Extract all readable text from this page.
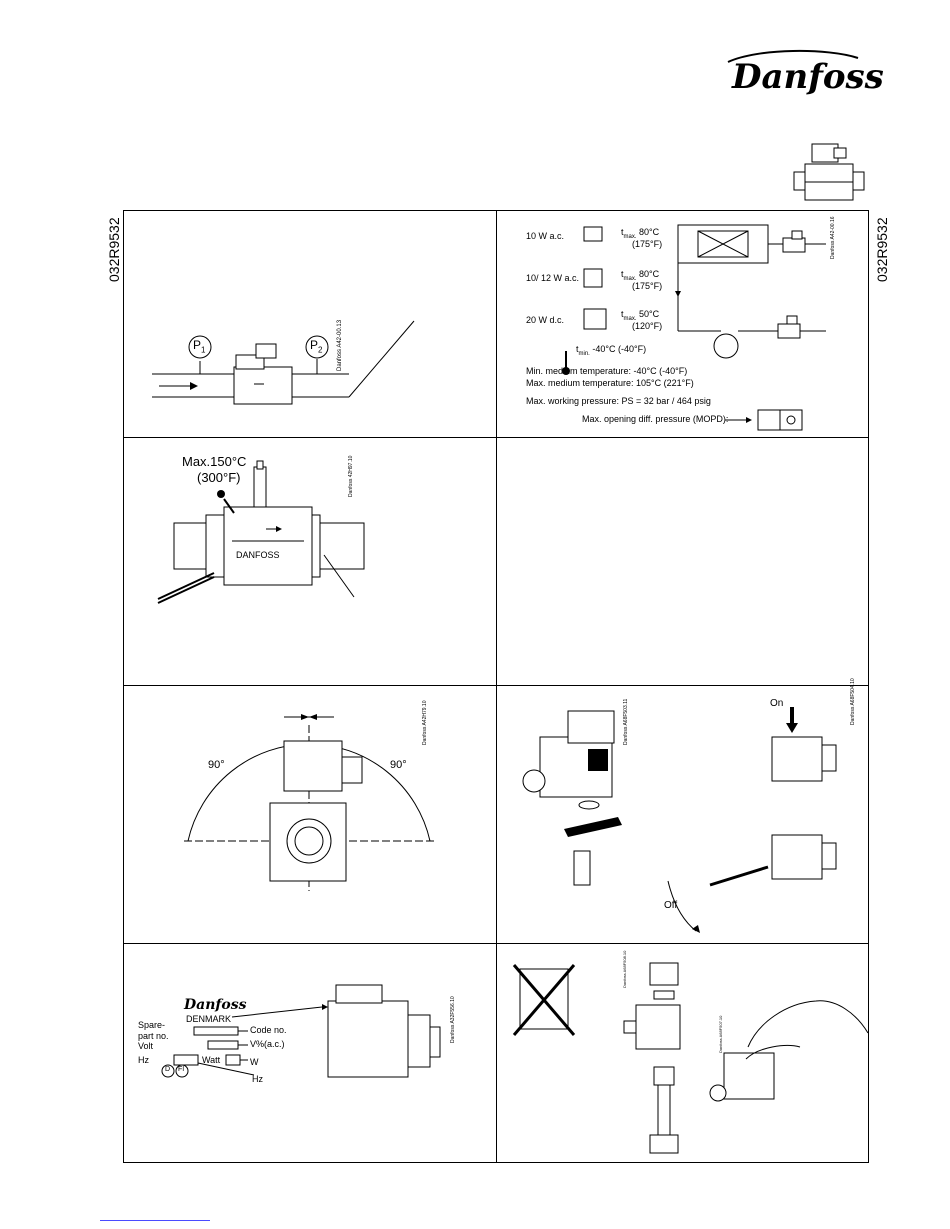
Danfoss
032R9532	032R9532
$P_1$	$P_2$ Danfoss A42-00.13
10 W a.c.	$t_{max.}$ 80°C
(175°F)
10/ 12 W a.c.	$t_{max.}$ 80°C
(175°F)
20 W d.c.
$t_{max.}$ 50°C
(120°F)
$t_{min.}$ -40°C (-40°F)
Min. medium temperature: -40°C (-40°F)
Max. medium temperature: 105°C (221°F)
Max. working pressure: PS = 32 bar / 464 psig
Max. opening diff. pressure (MOPD):
Danfoss A42-00.16
Max.150°C
(300°F)
DANFOSS
Danfoss 42H97.10
90°	90°
Danfoss A42H79.10	On
Off
Danfoss A68F503.11	Danfoss A68F504.10
Danfoss
DENMARK
Spare-
part no.
Code no.
Volt	V%(a.c.)
Hz	Watt	W
Hz
D FI
Danfoss A32F556.10
Danfoss A68F508.10
Danfoss A68F507.10
